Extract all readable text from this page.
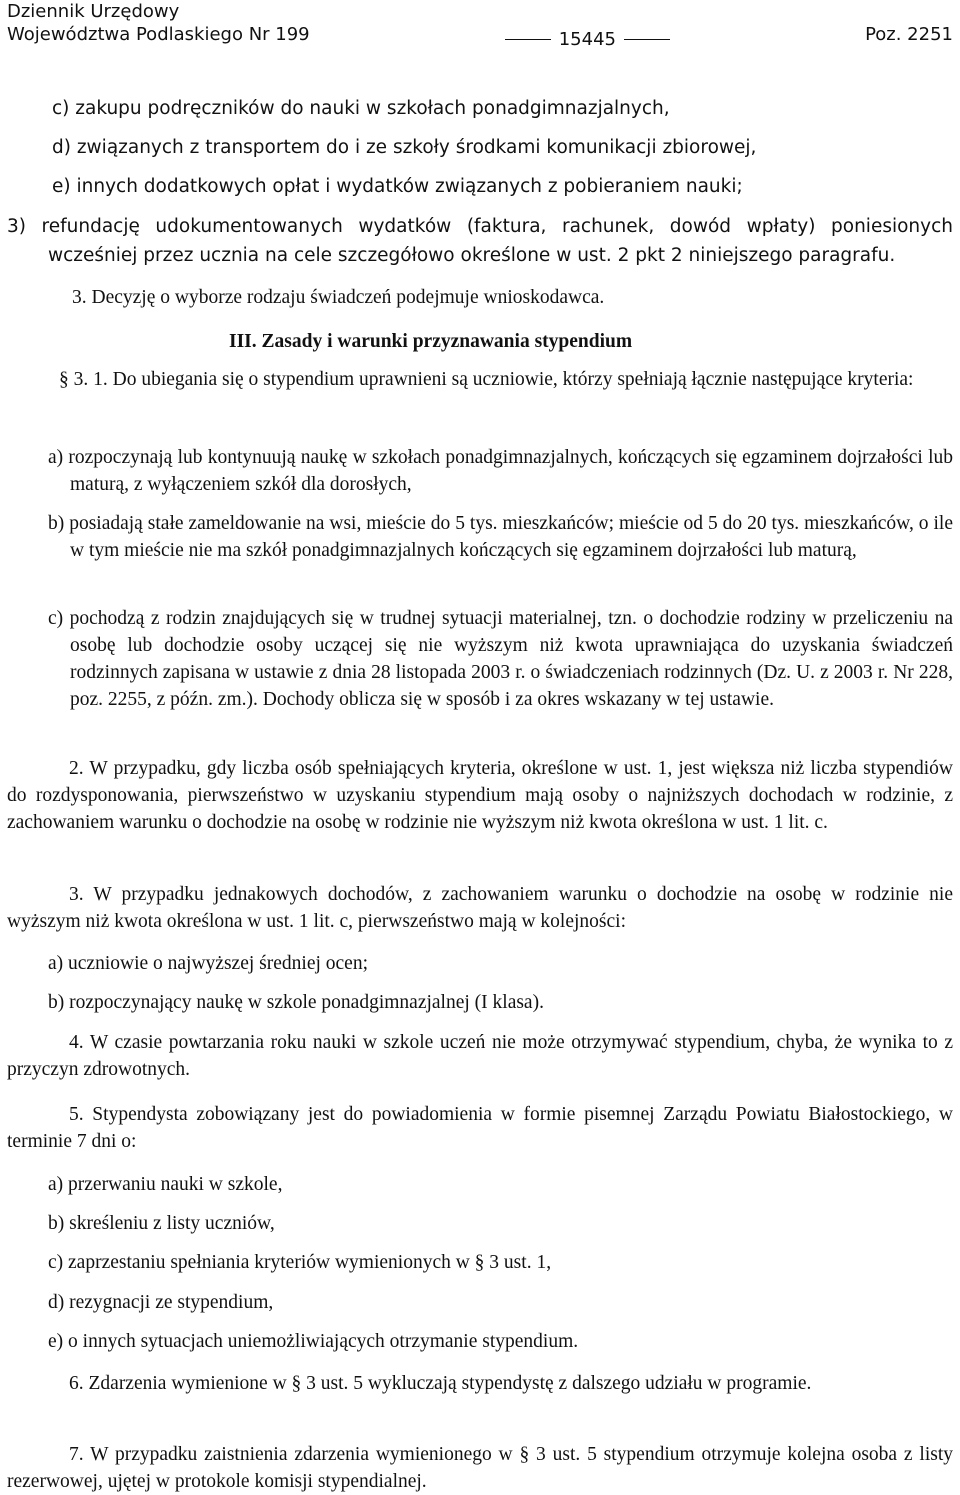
Dziennik Urzędowy
Województwa Podlaskiego Nr 199	15445	Poz. 2251
c) zakupu podręczników do nauki w szkołach ponadgimnazjalnych,
d) związanych z transportem do i ze szkoły środkami komunikacji zbiorowej,
e) innych dodatkowych opłat i wydatków związanych z pobieraniem nauki;
3) refundację udokumentowanych wydatków (faktura, rachunek, dowód wpłaty) poniesionych
wcześniej przez ucznia na cele szczegółowo określone w ust. 2 pkt 2 niniejszego paragrafu.
3. Decyzję o wyborze rodzaju świadczeń podejmuje wnioskodawca.
III. Zasady i warunki przyznawania stypendium
§ 3. 1. Do ubiegania się o stypendium uprawnieni są uczniowie, którzy spełniają łącznie następujące kryteria:
a) rozpoczynają lub kontynuują naukę w szkołach ponadgimnazjalnych, kończących się egzaminem dojrzałości lub maturą, z wyłączeniem szkół dla dorosłych,
b) posiadają stałe zameldowanie na wsi, mieście do 5 tys. mieszkańców; mieście od 5 do 20 tys. mieszkańców, o ile w tym mieście nie ma szkół ponadgimnazjalnych kończących się egzaminem dojrzałości lub maturą,
c) pochodzą z rodzin znajdujących się w trudnej sytuacji materialnej, tzn. o dochodzie rodziny w przeliczeniu na osobę lub dochodzie osoby uczącej się nie wyższym niż kwota uprawniająca do uzyskania świadczeń rodzinnych zapisana w ustawie z dnia 28 listopada 2003 r. o świadczeniach rodzinnych (Dz. U. z 2003 r. Nr 228, poz. 2255, z późn. zm.). Dochody oblicza się w sposób i za okres wskazany w tej ustawie.
2. W przypadku, gdy liczba osób spełniających kryteria, określone w ust. 1, jest większa niż liczba stypendiów do rozdysponowania, pierwszeństwo w uzyskaniu stypendium mają osoby o najniższych dochodach w rodzinie, z zachowaniem warunku o dochodzie na osobę w rodzinie nie wyższym niż kwota określona w ust. 1 lit. c.
3. W przypadku jednakowych dochodów, z zachowaniem warunku o dochodzie na osobę w rodzinie nie wyższym niż kwota określona w ust. 1 lit. c, pierwszeństwo mają w kolejności:
a) uczniowie o najwyższej średniej ocen;
b) rozpoczynający naukę w szkole ponadgimnazjalnej (I klasa).
4. W czasie powtarzania roku nauki w szkole uczeń nie może otrzymywać stypendium, chyba, że wynika to z przyczyn zdrowotnych.
5. Stypendysta zobowiązany jest do powiadomienia w formie pisemnej Zarządu Powiatu Białostockiego, w terminie 7 dni o:
a) przerwaniu nauki w szkole,
b) skreśleniu z listy uczniów,
c) zaprzestaniu spełniania kryteriów wymienionych w § 3 ust. 1,
d) rezygnacji ze stypendium,
e) o innych sytuacjach uniemożliwiających otrzymanie stypendium.
6. Zdarzenia wymienione w § 3 ust. 5 wykluczają stypendystę z dalszego udziału w programie.
7. W przypadku zaistnienia zdarzenia wymienionego w § 3 ust. 5 stypendium otrzymuje kolejna osoba z listy rezerwowej, ujętej w protokole komisji stypendialnej.
